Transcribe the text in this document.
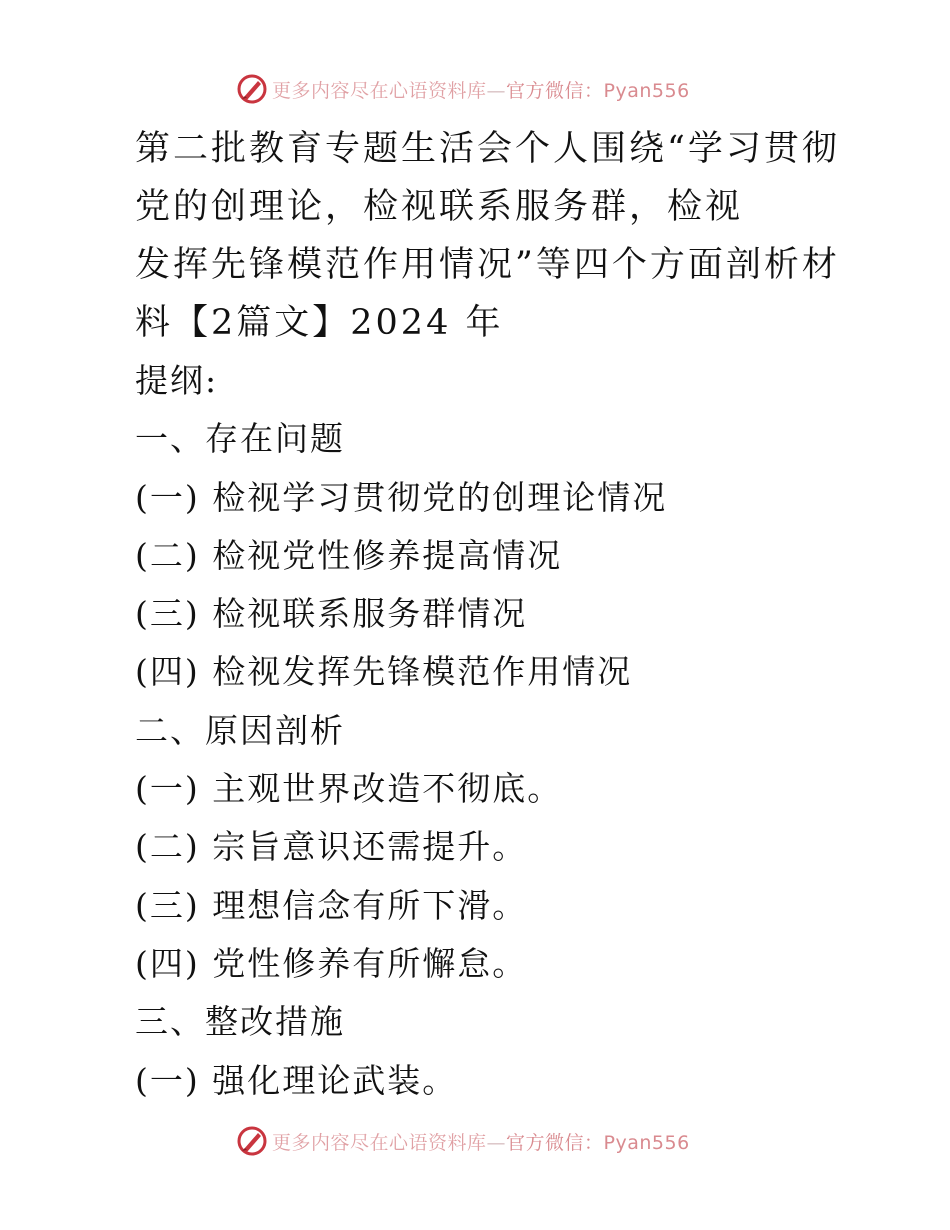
更多内容尽在心语资料库—官方微信：Pyan556
第二批教育专题生活会个人围绕“学习贯彻
党的创理论，检视联系服务群，检视
发挥先锋模范作用情况”等四个方面剖析材
料【2篇文】2024 年

提纲:

一、存在问题

(一) 检视学习贯彻党的创理论情况

(二) 检视党性修养提高情况

(三) 检视联系服务群情况

(四) 检视发挥先锋模范作用情况

二、原因剖析

(一) 主观世界改造不彻底。

(二) 宗旨意识还需提升。

(三) 理想信念有所下滑。

(四) 党性修养有所懈怠。

三、整改措施

(一) 强化理论武装。

更多内容尽在心语资料库—官方微信：Pyan556
